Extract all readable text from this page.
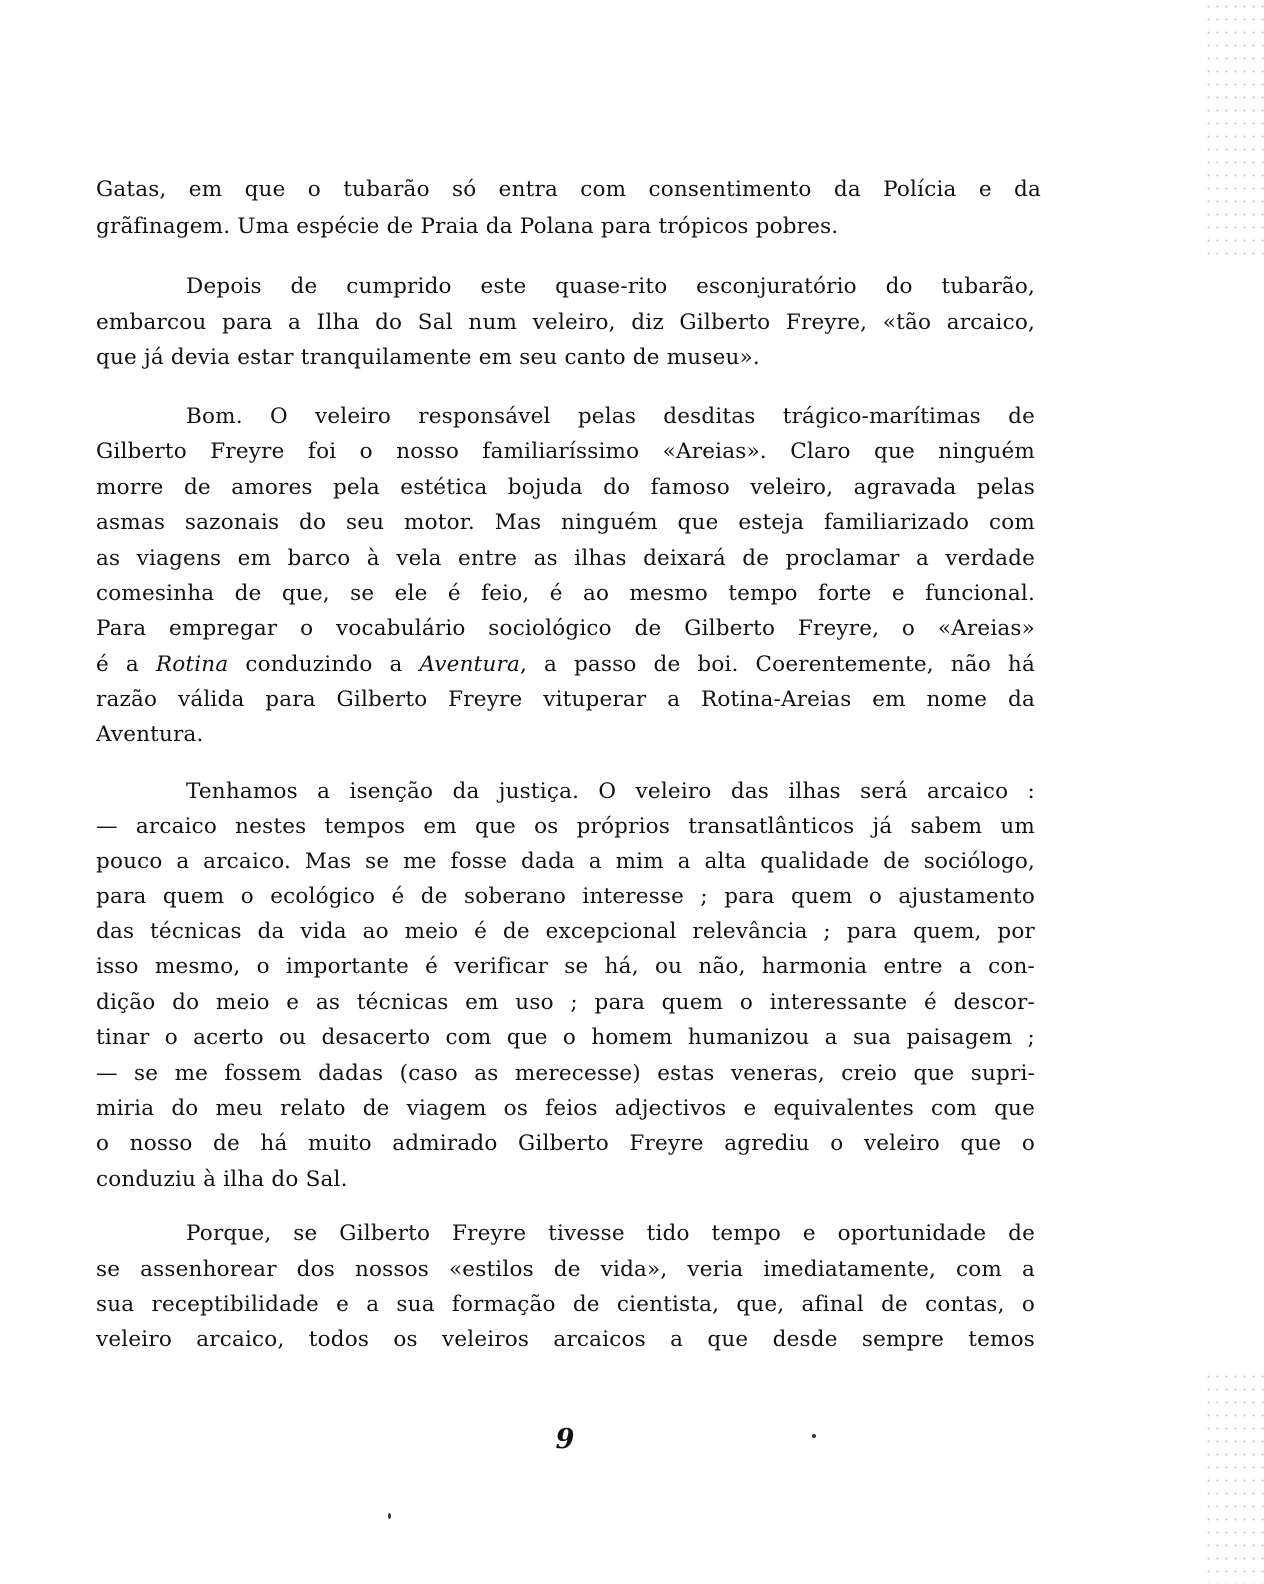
Gatas, em que o tubarão só entra com consentimento da Polícia e da
grãfinagem. Uma espécie de Praia da Polana para trópicos pobres.
Depois de cumprido este quase-rito esconjuratório do tubarão,
embarcou para a Ilha do Sal num veleiro, diz Gilberto Freyre, «tão arcaico,
que já devia estar tranquilamente em seu canto de museu».
Bom. O veleiro responsável pelas desditas trágico-marítimas de
Gilberto Freyre foi o nosso familiaríssimo «Areias». Claro que ninguém
morre de amores pela estética bojuda do famoso veleiro, agravada pelas
asmas sazonais do seu motor. Mas ninguém que esteja familiarizado com
as viagens em barco à vela entre as ilhas deixará de proclamar a verdade
comesinha de que, se ele é feio, é ao mesmo tempo forte e funcional.
Para empregar o vocabulário sociológico de Gilberto Freyre, o «Areias»
é a Rotina conduzindo a Aventura, a passo de boi. Coerentemente, não há
razão válida para Gilberto Freyre vituperar a Rotina-Areias em nome da
Aventura.
Tenhamos a isenção da justiça. O veleiro das ilhas será arcaico :
— arcaico nestes tempos em que os próprios transatlânticos já sabem um
pouco a arcaico. Mas se me fosse dada a mim a alta qualidade de sociólogo,
para quem o ecológico é de soberano interesse ; para quem o ajustamento
das técnicas da vida ao meio é de excepcional relevância ; para quem, por
isso mesmo, o importante é verificar se há, ou não, harmonia entre a con-
dição do meio e as técnicas em uso ; para quem o interessante é descor-
tinar o acerto ou desacerto com que o homem humanizou a sua paisagem ;
— se me fossem dadas (caso as merecesse) estas veneras, creio que supri-
miria do meu relato de viagem os feios adjectivos e equivalentes com que
o nosso de há muito admirado Gilberto Freyre agrediu o veleiro que o
conduziu à ilha do Sal.
Porque, se Gilberto Freyre tivesse tido tempo e oportunidade de
se assenhorear dos nossos «estilos de vida», veria imediatamente, com a
sua receptibilidade e a sua formação de cientista, que, afinal de contas, o
veleiro arcaico, todos os veleiros arcaicos a que desde sempre temos
9
